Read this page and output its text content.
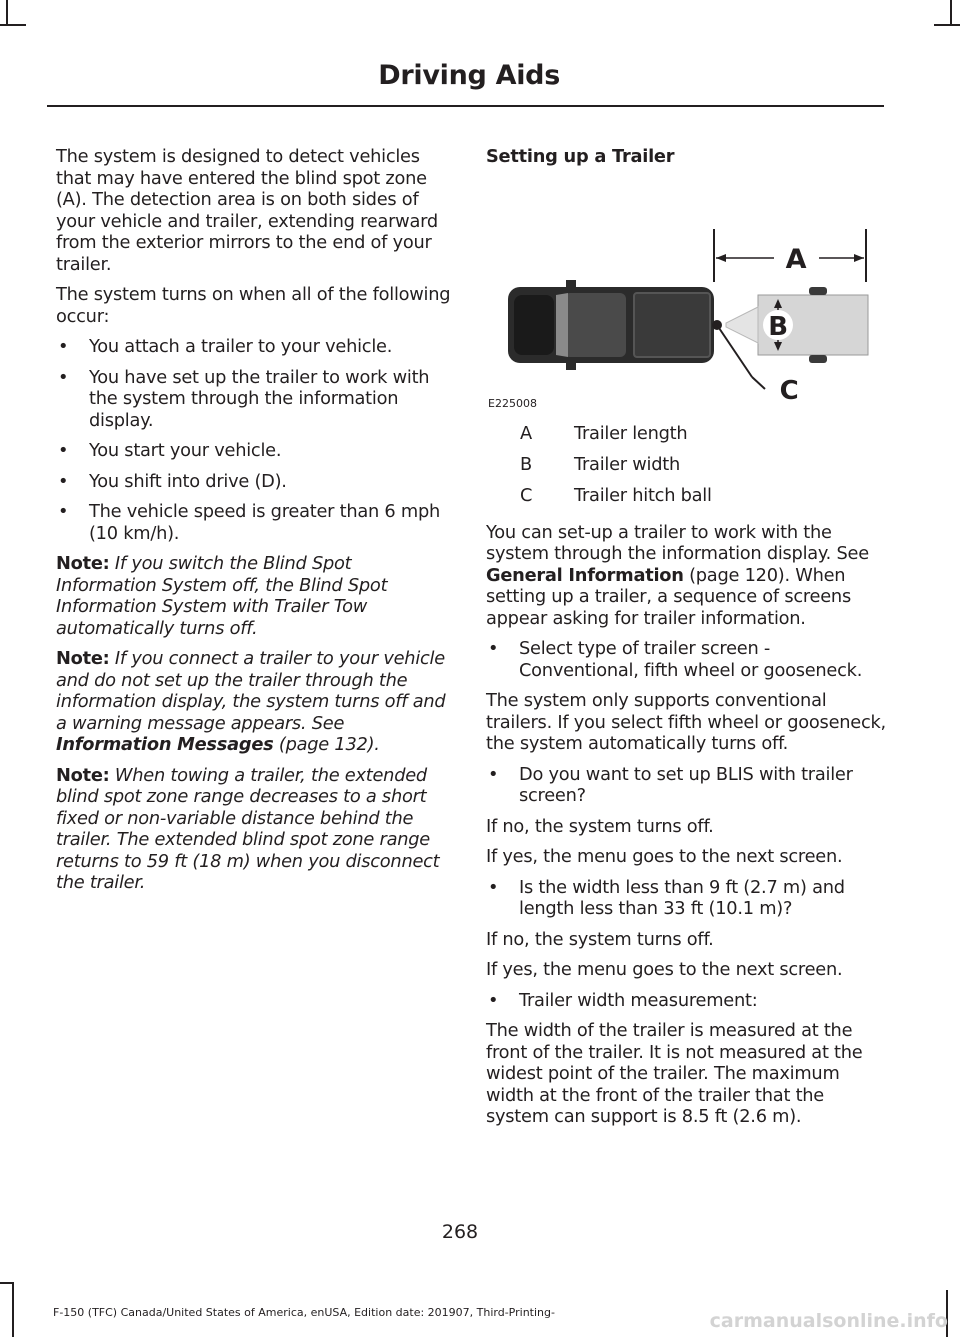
Driving Aids

The system is designed to detect vehicles that may have entered the blind spot zone (A). The detection area is on both sides of your vehicle and trailer, extending rearward from the exterior mirrors to the end of your trailer.

The system turns on when all of the following occur:

• You attach a trailer to your vehicle.
• You have set up the trailer to work with the system through the information display.
• You start your vehicle.
• You shift into drive (D).
• The vehicle speed is greater than 6 mph (10 km/h).

Note: If you switch the Blind Spot Information System off, the Blind Spot Information System with Trailer Tow automatically turns off.

Note: If you connect a trailer to your vehicle and do not set up the trailer through the information display, the system turns off and a warning message appears. See Information Messages (page 132).

Note: When towing a trailer, the extended blind spot zone range decreases to a short fixed or non-variable distance behind the trailer. The extended blind spot zone range returns to 59 ft (18 m) when you disconnect the trailer.

Setting up a Trailer

A
B
C
E225008
A	Trailer length
B	Trailer width
C	Trailer hitch ball

You can set-up a trailer to work with the system through the information display. See General Information (page 120). When setting up a trailer, a sequence of screens appear asking for trailer information.

• Select type of trailer screen - Conventional, fifth wheel or gooseneck.

The system only supports conventional trailers. If you select fifth wheel or gooseneck, the system automatically turns off.

• Do you want to set up BLIS with trailer screen?

If no, the system turns off.

If yes, the menu goes to the next screen.

• Is the width less than 9 ft (2.7 m) and length less than 33 ft (10.1 m)?

If no, the system turns off.

If yes, the menu goes to the next screen.

• Trailer width measurement:

The width of the trailer is measured at the front of the trailer. It is not measured at the widest point of the trailer. The maximum width at the front of the trailer that the system can support is 8.5 ft (2.6 m).

268
F-150 (TFC) Canada/United States of America, enUSA, Edition date: 201907, Third-Printing-	carmanualsonline.info
